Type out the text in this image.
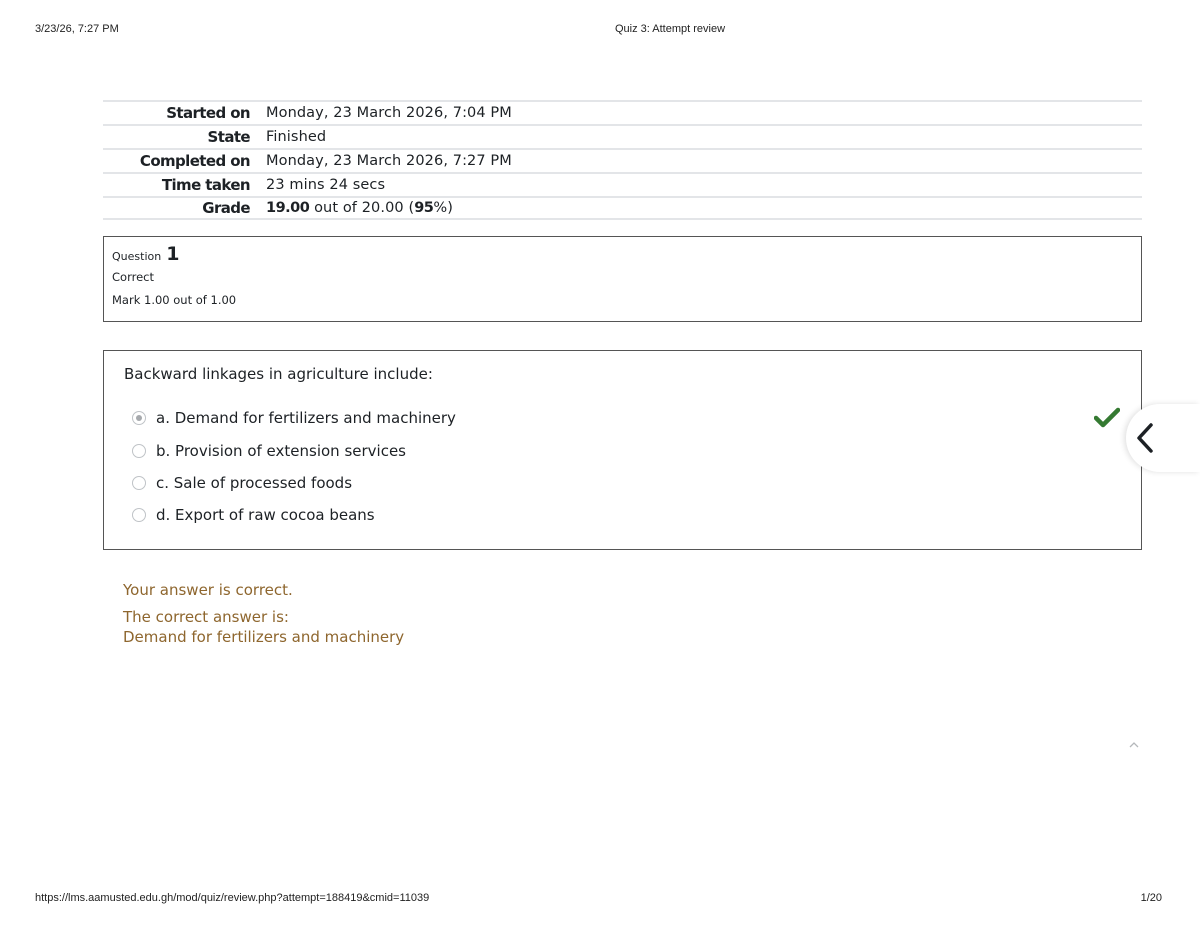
3/23/26, 7:27 PM	Quiz 3: Attempt review
Started on	Monday, 23 March 2026, 7:04 PM
State	Finished
Completed on	Monday, 23 March 2026, 7:27 PM
Time taken	23 mins 24 secs
Grade	19.00 out of 20.00 (95%)
Question 1
Correct
Mark 1.00 out of 1.00
Backward linkages in agriculture include:
a. Demand for fertilizers and machinery
b. Provision of extension services
c. Sale of processed foods
d. Export of raw cocoa beans
Your answer is correct.
The correct answer is:
Demand for fertilizers and machinery
https://lms.aamusted.edu.gh/mod/quiz/review.php?attempt=188419&cmid=11039	1/20
